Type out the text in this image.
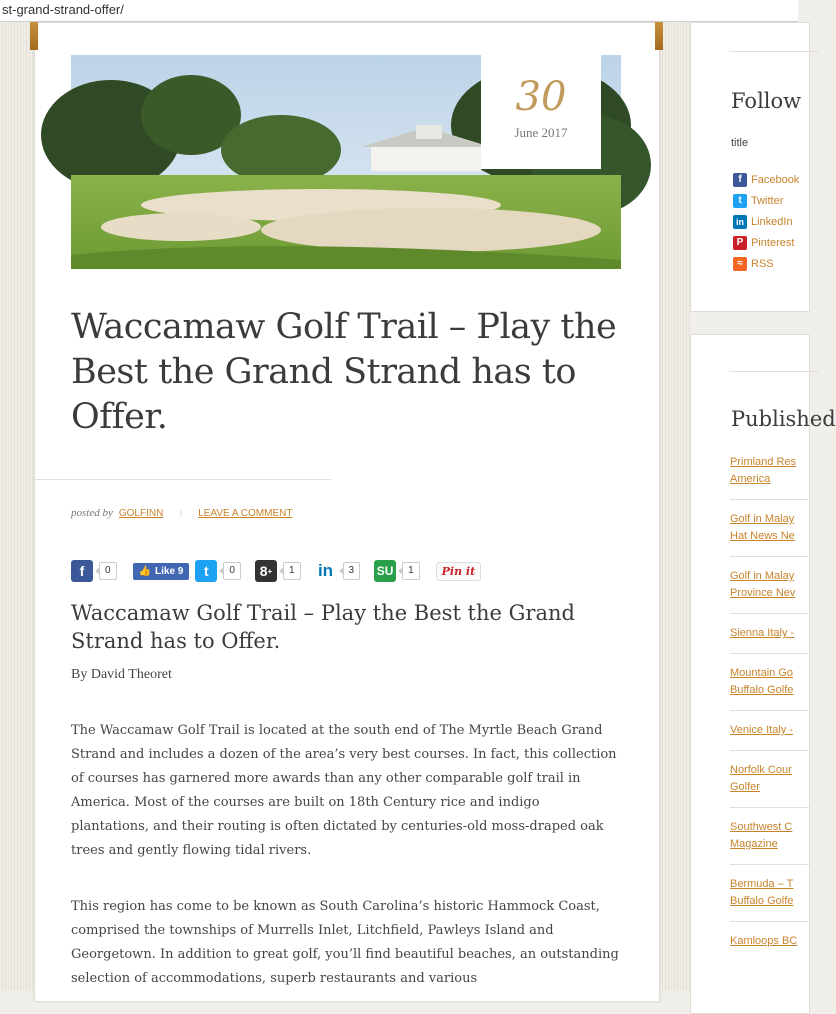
st-grand-strand-offer/
30
June 2017
Waccamaw Golf Trail – Play the Best the Grand Strand has to Offer.
posted by GOLFINN ⁝ LEAVE A COMMENT
f	0	👍 Like 9	t	0	8 +	1	in	3	SU	1	Pin it
Waccamaw Golf Trail – Play the Best the Grand Strand has to Offer.
By David Theoret

The Waccamaw Golf Trail is located at the south end of The Myrtle Beach Grand Strand and includes a dozen of the area’s very best courses. In fact, this collection of courses has garnered more awards than any other comparable golf trail in America. Most of the courses are built on 18th Century rice and indigo plantations, and their routing is often dictated by centuries-old moss-draped oak trees and gently flowing tidal rivers.

This region has come to be known as South Carolina’s historic Hammock Coast, comprised the townships of Murrells Inlet, Litchfield, Pawleys Island and Georgetown. In addition to great golf, you’ll find beautiful beaches, an outstanding selection of accommodations, superb restaurants and various

Follow
title
f Facebook
t Twitter
in LinkedIn
P Pinterest
≈ RSS
Published
Primland Res
America
Golf in Malay
Hat News Ne
Golf in Malay
Province Nev
Sienna Italy -
Mountain Go
Buffalo Golfe
Venice Italy -
Norfolk Cour
Golfer
Southwest C
Magazine
Bermuda – T
Buffalo Golfe
Kamloops BC
